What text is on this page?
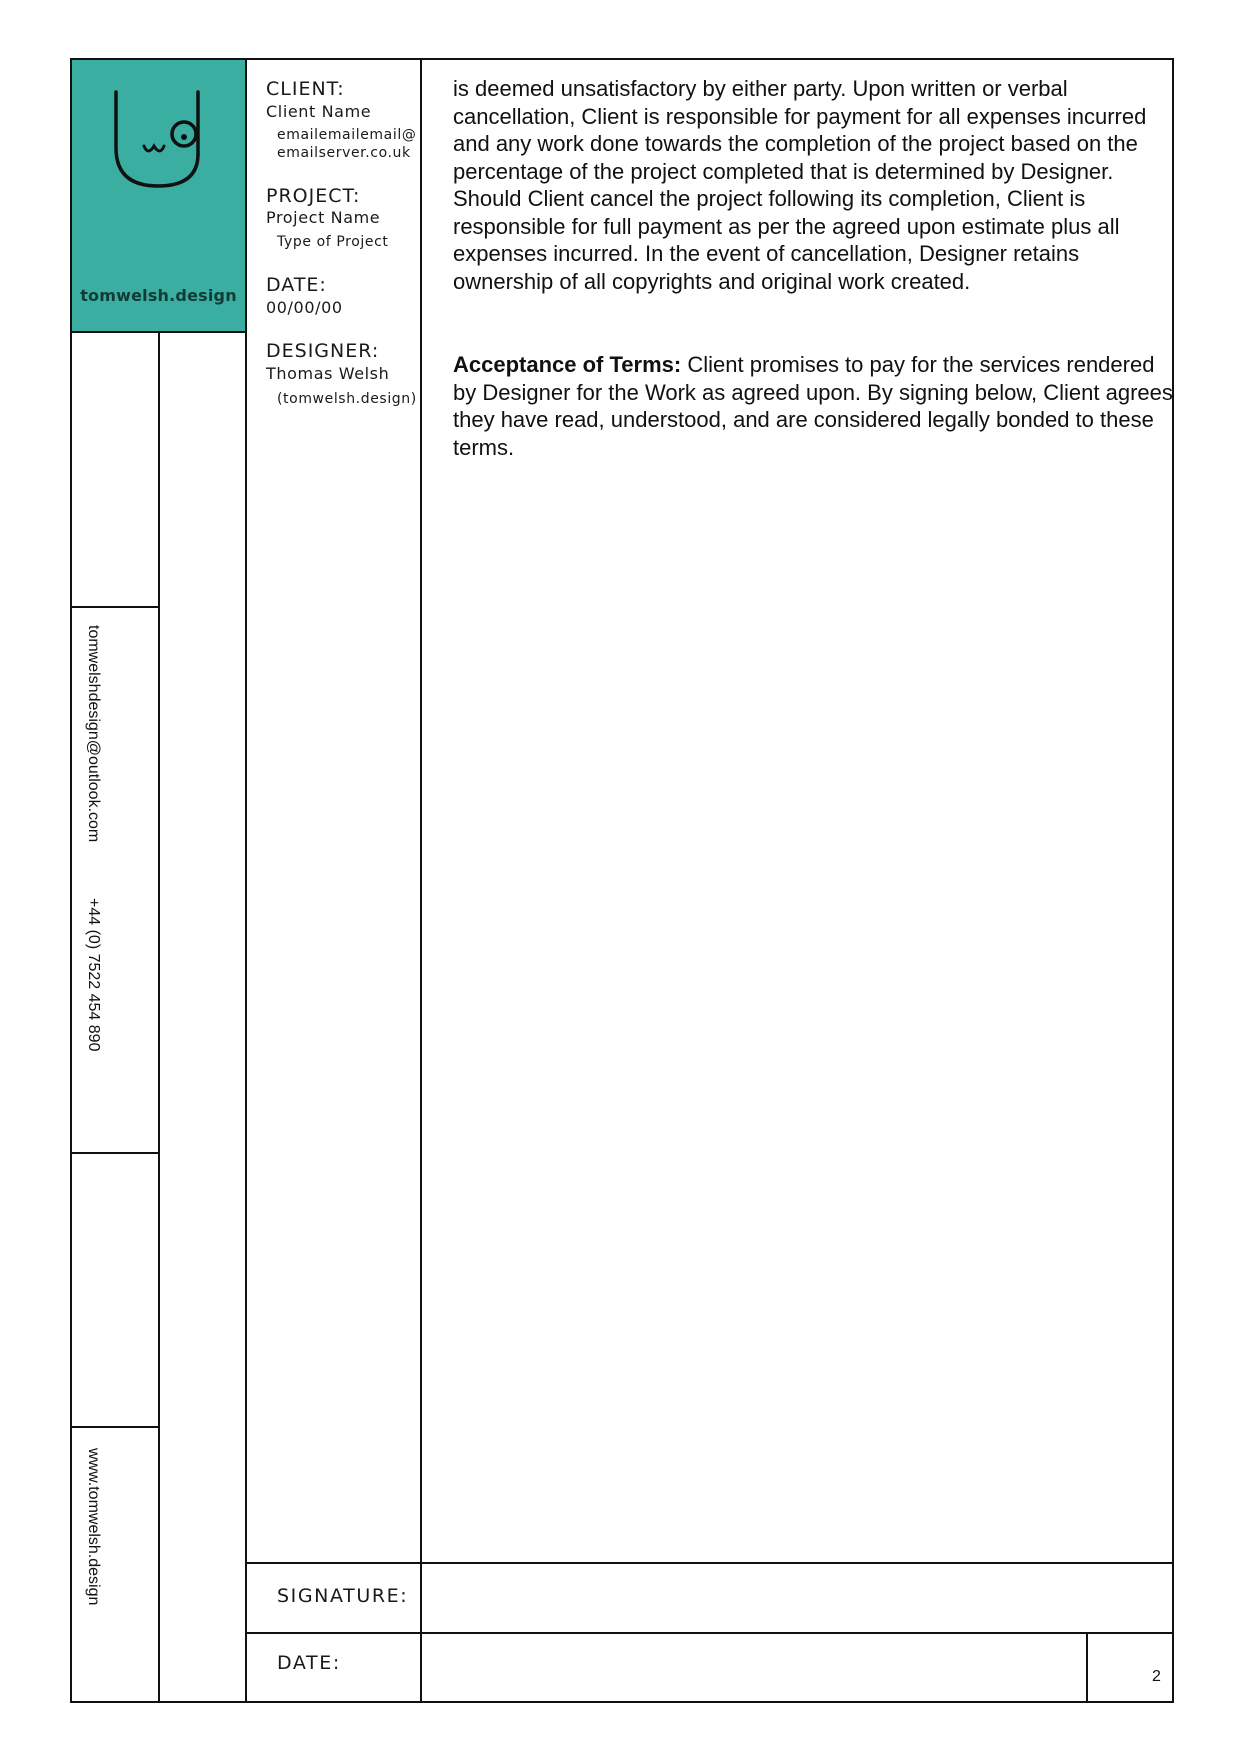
tomwelsh.design
CLIENT:
Client Name
emailemailemail@
emailserver.co.uk
PROJECT:
Project Name
Type of Project
DATE:
00/00/00
DESIGNER:
Thomas Welsh
(tomwelsh.design)
tomwelshdesign@outlook.com
+44 (0) 7522 454 890
www.tomwelsh.design
is deemed unsatisfactory by either party. Upon written or verbal cancellation, Client is responsible for payment for all expenses incurred and any work done towards the completion of the project based on the percentage of the project completed that is determined by Designer. Should Client cancel the project following its completion, Client is responsible for full payment as per the agreed upon estimate plus all expenses incurred. In the event of cancellation, Designer retains ownership of all copyrights and original work created.
Acceptance of Terms: Client promises to pay for the services rendered by Designer for the Work as agreed upon. By signing below, Client agrees they have read, understood, and are considered legally bonded to these terms.
SIGNATURE:
DATE:
2
